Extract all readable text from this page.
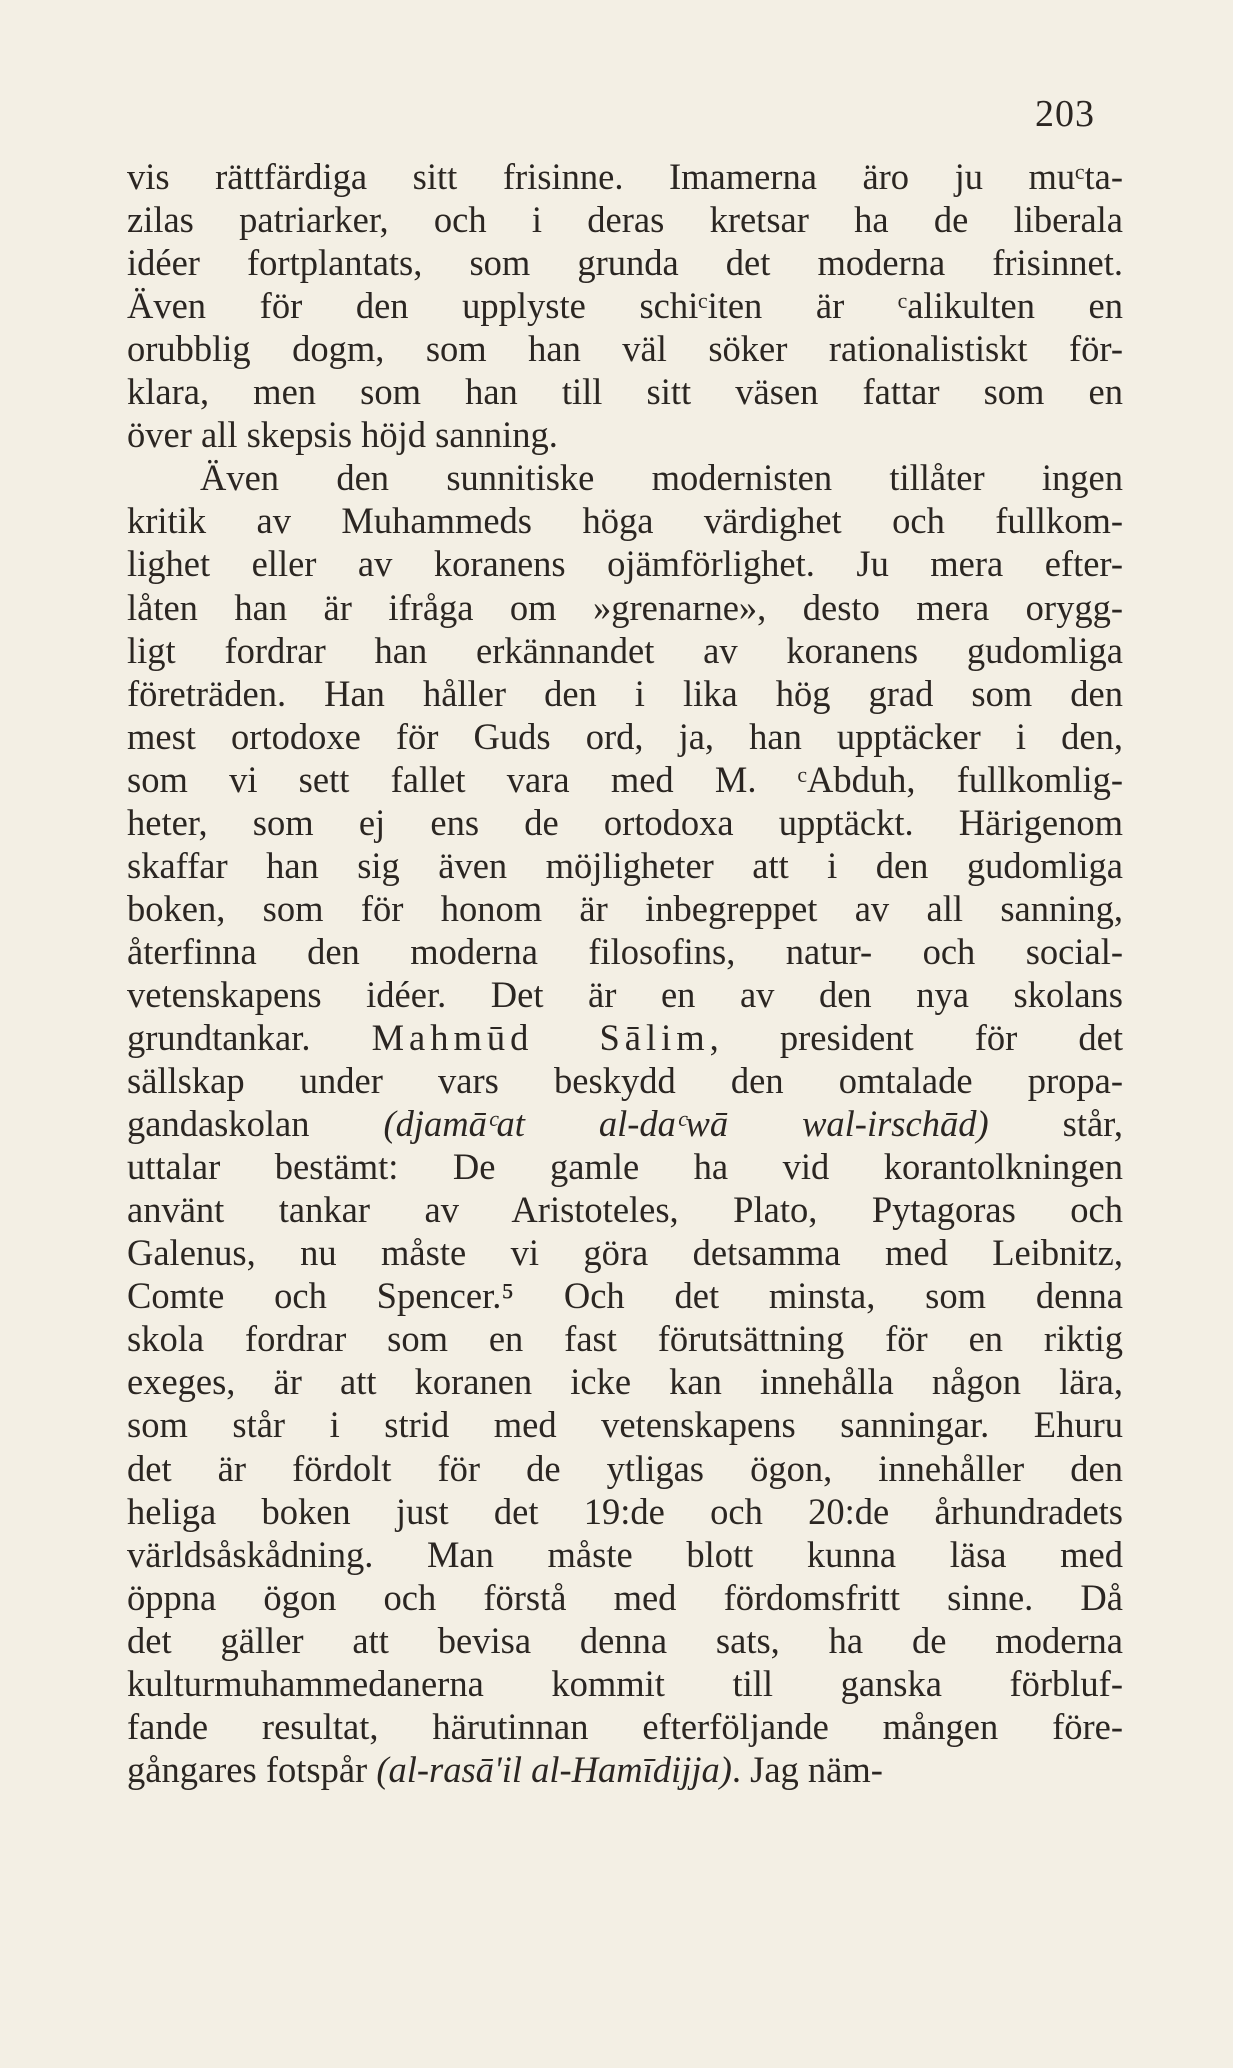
203
vis rättfärdiga sitt frisinne. Imamerna äro ju muᶜta-
zilas patriarker, och i deras kretsar ha de liberala
idéer fortplantats, som grunda det moderna frisinnet.
Även för den upplyste schiᶜiten är ᶜalikulten en
orubblig dogm, som han väl söker rationalistiskt för-
klara, men som han till sitt väsen fattar som en
över all skepsis höjd sanning.
Även den sunnitiske modernisten tillåter ingen
kritik av Muhammeds höga värdighet och fullkom-
lighet eller av koranens ojämförlighet. Ju mera efter-
låten han är ifråga om »grenarne», desto mera orygg-
ligt fordrar han erkännandet av koranens gudomliga
företräden. Han håller den i lika hög grad som den
mest ortodoxe för Guds ord, ja, han upptäcker i den,
som vi sett fallet vara med M. ᶜAbduh, fullkomlig-
heter, som ej ens de ortodoxa upptäckt. Härigenom
skaffar han sig även möjligheter att i den gudomliga
boken, som för honom är inbegreppet av all sanning,
återfinna den moderna filosofins, natur- och social-
vetenskapens idéer. Det är en av den nya skolans
grundtankar. Mahmūd Sālim, president för det
sällskap under vars beskydd den omtalade propa-
gandaskolan (djamāᶜat al-daᶜwā wal-irschād) står,
uttalar bestämt: De gamle ha vid korantolkningen
använt tankar av Aristoteles, Plato, Pytagoras och
Galenus, nu måste vi göra detsamma med Leibnitz,
Comte och Spencer.⁵ Och det minsta, som denna
skola fordrar som en fast förutsättning för en riktig
exeges, är att koranen icke kan innehålla någon lära,
som står i strid med vetenskapens sanningar. Ehuru
det är fördolt för de ytligas ögon, innehåller den
heliga boken just det 19:de och 20:de århundradets
världsåskådning. Man måste blott kunna läsa med
öppna ögon och förstå med fördomsfritt sinne. Då
det gäller att bevisa denna sats, ha de moderna
kulturmuhammedanerna kommit till ganska förbluf-
fande resultat, härutinnan efterföljande mången före-
gångares fotspår (al-rasā'il al-Hamīdijja). Jag näm-
